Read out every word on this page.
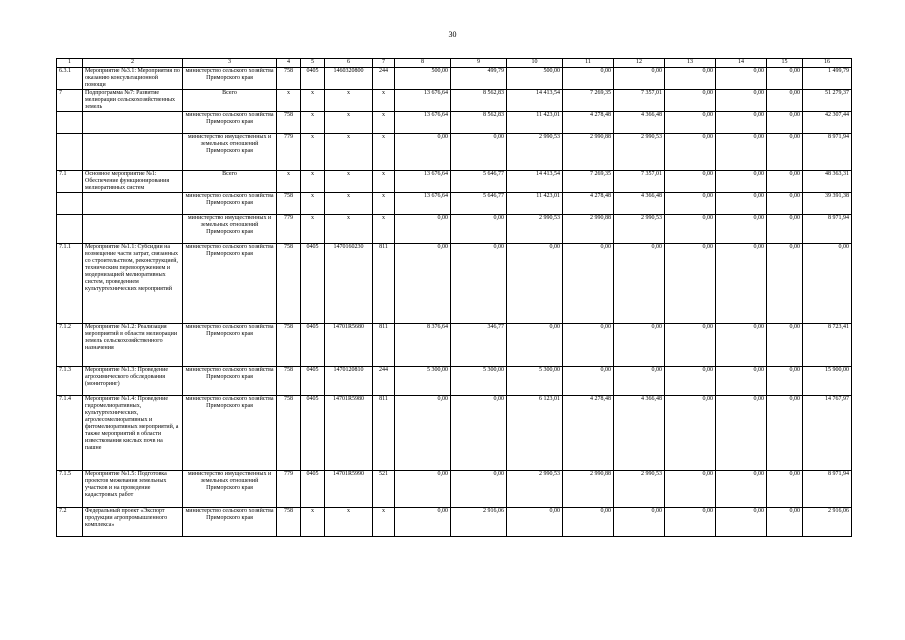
30
1	2	3	4	5	6	7	8	9	10	11	12	13	14	15	16
6.3.1	Мероприятие №3.1: Мероприятия по оказанию консультационной помощи	министерство сельского хозяйства Приморского края	758	0405	1460320800	244	500,00	499,79	500,00	0,00	0,00	0,00	0,00	0,00	1 499,79
7	Подпрограмма №7: Развитие мелиорации сельскохозяйственных земель	Всего	x	x	x	x	13 676,64	8 562,83	14 413,54	7 269,35	7 357,01	0,00	0,00	0,00	51 279,37
		министерство сельского хозяйства Приморского края	758	x	x	x	13 676,64	8 562,83	11 423,01	4 278,48	4 366,48	0,00	0,00	0,00	42 307,44
		министерство имущественных и земельных отношений Приморского края	779	x	x	x	0,00	0,00	2 990,53	2 990,88	2 990,53	0,00	0,00	0,00	8 971,94
7.1	Основное мероприятие №1: Обеспечение функционирования мелиоративных систем	Всего	x	x	x	x	13 676,64	5 646,77	14 413,54	7 269,35	7 357,01	0,00	0,00	0,00	48 363,31
		министерство сельского хозяйства Приморского края	758	x	x	x	13 676,64	5 646,77	11 423,01	4 278,48	4 366,48	0,00	0,00	0,00	39 391,38
		министерство имущественных и земельных отношений Приморского края	779	x	x	x	0,00	0,00	2 990,53	2 990,88	2 990,53	0,00	0,00	0,00	8 971,94
7.1.1	Мероприятие №1.1: Субсидии на возмещение части затрат, связанных со строительством, реконструкцией, техническим перевооружением и модернизацией мелиоративных систем, проведением культуртехнических мероприятий	министерство сельского хозяйства Приморского края	758	0405	1470160230	811	0,00	0,00	0,00	0,00	0,00	0,00	0,00	0,00	0,00
7.1.2	Мероприятие №1.2: Реализация мероприятий в области мелиорации земель сельскохозяйственного назначения	министерство сельского хозяйства Приморского края	758	0405	14701R5680	811	8 376,64	346,77	0,00	0,00	0,00	0,00	0,00	0,00	8 723,41
7.1.3	Мероприятие №1.3: Проведение агрохимического обследования (мониторинг)	министерство сельского хозяйства Приморского края	758	0405	1470120810	244	5 300,00	5 300,00	5 300,00	0,00	0,00	0,00	0,00	0,00	15 900,00
7.1.4	Мероприятие №1.4: Проведение гидромелиоративных, культуртехнических, агролесомелиоративных и фитомелиоративных мероприятий, а также мероприятий в области известкования кислых почв на пашне	министерство сельского хозяйства Приморского края	758	0405	14701R5980	811	0,00	0,00	6 123,01	4 278,48	4 366,48	0,00	0,00	0,00	14 767,97
7.1.5	Мероприятие №1.5: Подготовка проектов межевания земельных участков и на проведение кадастровых работ	министерство имущественных и земельных отношений Приморского края	779	0405	14701R5990	521	0,00	0,00	2 990,53	2 990,88	2 990,53	0,00	0,00	0,00	8 971,94
7.2	Федеральный проект «Экспорт продукции агропромышленного комплекса»	министерство сельского хозяйства Приморского края	758	x	x	x	0,00	2 916,06	0,00	0,00	0,00	0,00	0,00	0,00	2 916,06
